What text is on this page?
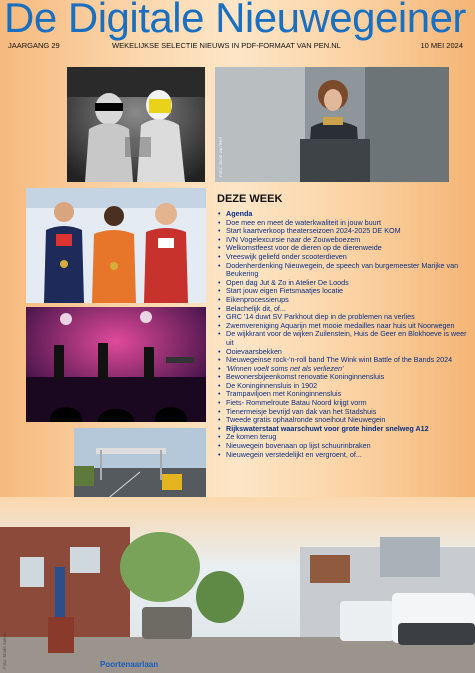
De Digitale Nieuwegeiner
JAARGANG 29	WEKELIJKSE SELECTIE NIEUWS IN PDF-FORMAAT VAN PEN.NL	10 MEI 2024
Foto: Joost van'tHof
DEZE WEEK
• Agenda
• Doe mee en meet de waterkwaliteit in jouw buurt
• Start kaartverkoop theaterseizoen 2024-2025 DE KOM
• IVN Vogelexcursie naar de Zouweboezem
• Welkomstfeest voor de dieren op de dierenweide
• Vreeswijk geliefd onder scooterdieven
• Dodenherdenking Nieuwegein, de speech van burgemeester Marijke van Beukering
• Open dag Jut & Zo in Atelier De Loods
• Start jouw eigen Fietsmaatjes locatie
• Eikenprocessierups
• Belachelijk dit, of...
• GRC '14 duwt SV Parkhout diep in de problemen na verlies
• Zwemvereniging Aquarijn met mooie medailles naar huis uit Noorwegen
• De wijkkrant voor de wijken Zuilenstein, Huis de Geer en Blokhoeve is weer uit
• Ooievaarsbekken
• Nieuwegeinse rock-'n-roll band The Wink wint Battle of the Bands 2024
• 'Winnen voelt soms net als verliezen'
• Bewonersbijeenkomst renovatie Koninginnensluis
• De Koninginnensluis in 1902
• Trampaviljoen met Koninginnensluis
• Fiets- Rommelroute Batau Noord krijgt vorm
• Tienermeisje bevrijd van dak van het Stadshuis
• Tweede gratis ophaalronde snoeihout Nieuwegein
• Rijkswaterstaat waarschuwt voor grote hinder snelweg A12
• Ze komen terug
• Nieuwegein bovenaan op lijst schuurinbraken
• Nieuwegein verstedelijkt en vergroent, of...
Foto: Marie Aalten	Poortenaarlaan
